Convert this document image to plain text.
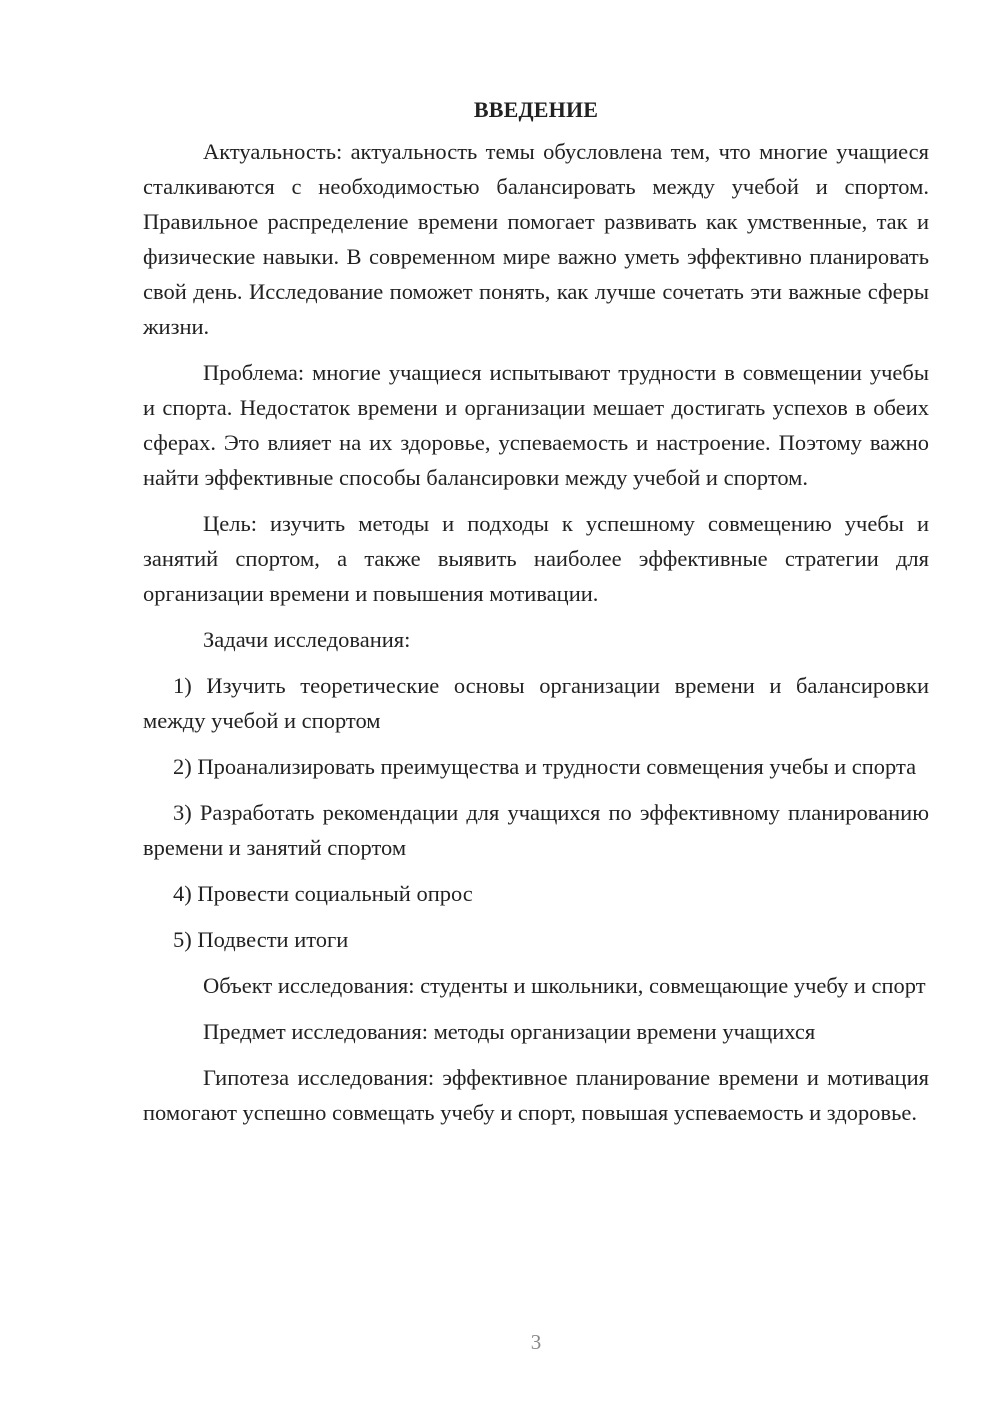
ВВЕДЕНИЕ

Актуальность: актуальность темы обусловлена тем, что многие учащиеся сталкиваются с необходимостью балансировать между учебой и спортом. Правильное распределение времени помогает развивать как умственные, так и физические навыки. В современном мире важно уметь эффективно планировать свой день. Исследование поможет понять, как лучше сочетать эти важные сферы жизни.

Проблема: многие учащиеся испытывают трудности в совмещении учебы и спорта. Недостаток времени и организации мешает достигать успехов в обеих сферах. Это влияет на их здоровье, успеваемость и настроение. Поэтому важно найти эффективные способы балансировки между учебой и спортом.

Цель: изучить методы и подходы к успешному совмещению учебы и занятий спортом, а также выявить наиболее эффективные стратегии для организации времени и повышения мотивации.

Задачи исследования:

1) Изучить теоретические основы организации времени и балансировки между учебой и спортом

2) Проанализировать преимущества и трудности совмещения учебы и спорта

3) Разработать рекомендации для учащихся по эффективному планированию времени и занятий спортом

4) Провести социальный опрос

5) Подвести итоги

Объект исследования: студенты и школьники, совмещающие учебу и спорт

Предмет исследования: методы организации времени учащихся

Гипотеза исследования: эффективное планирование времени и мотивация помогают успешно совмещать учебу и спорт, повышая успеваемость и здоровье.

3
